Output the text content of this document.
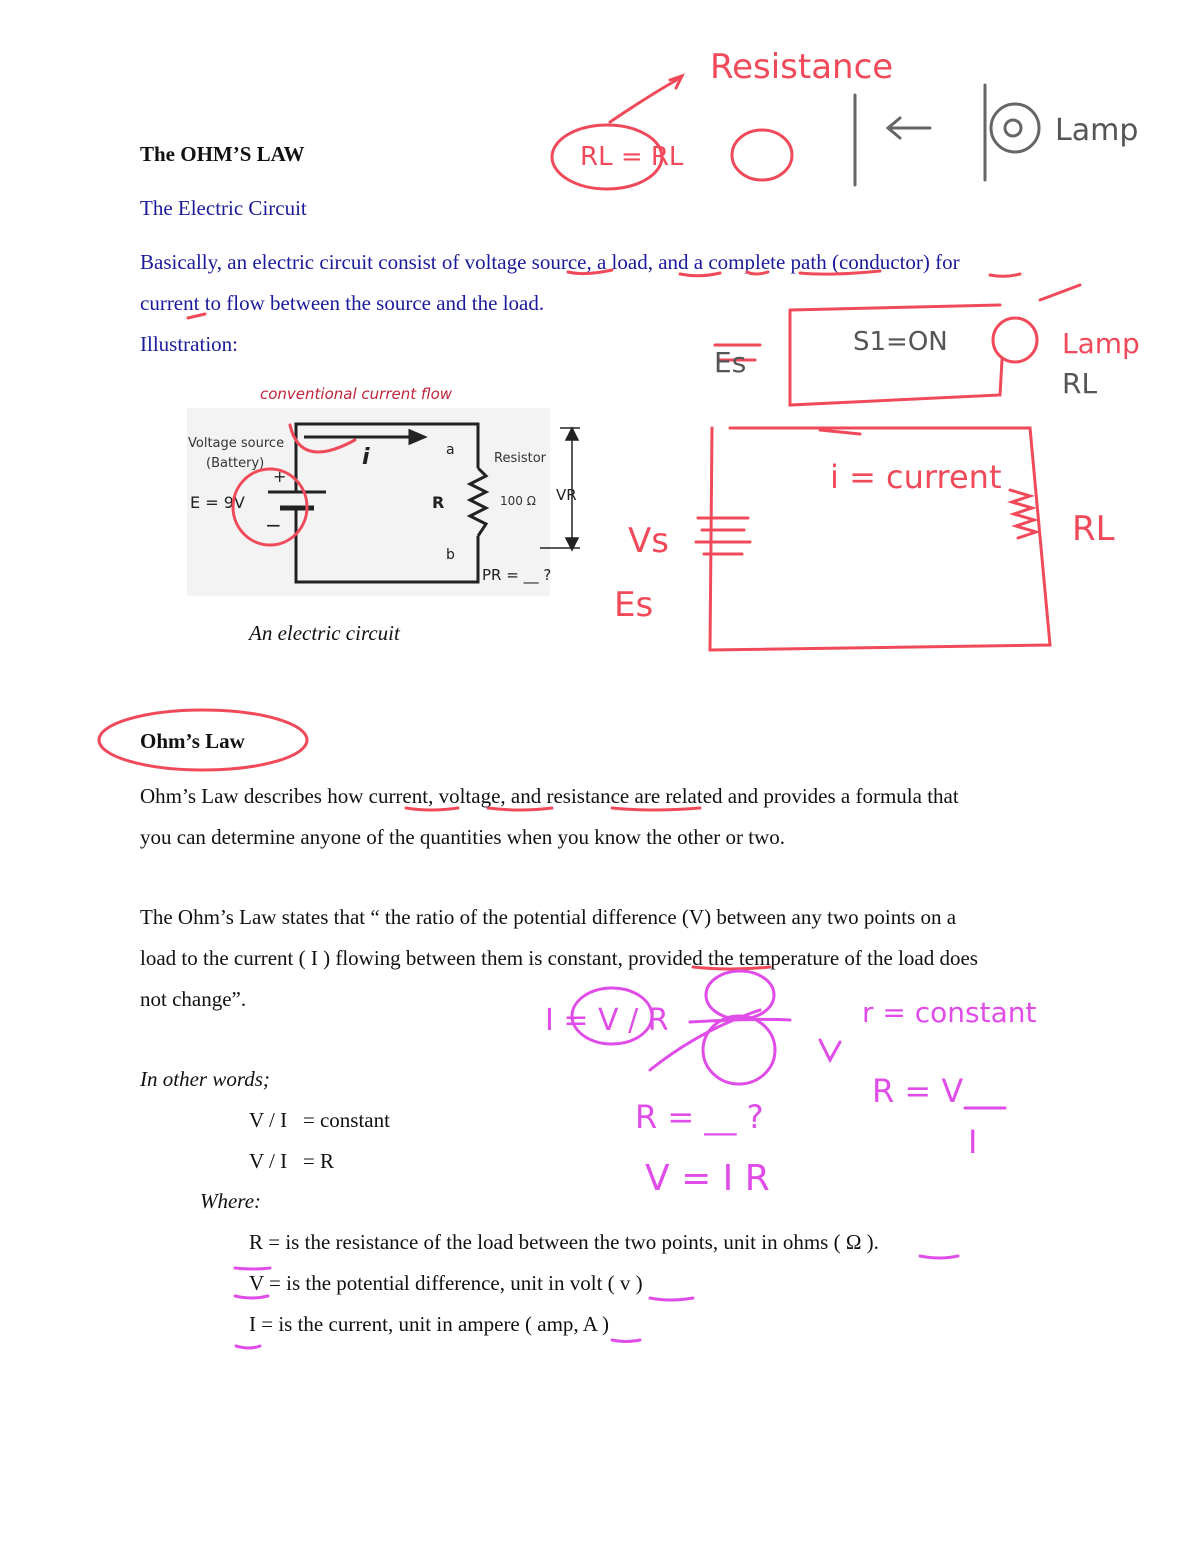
The OHM’S LAW
The Electric Circuit
Basically, an electric circuit consist of voltage source, a load, and a complete path (conductor) for
current to flow between the source and the load.
Illustration:
conventional current flow
Voltage source
(Battery)
+
−
E = 9V
i	a
b
R
Resistor
100 Ω VR
PR = __ ?
An electric circuit
Ohm’s Law
Ohm’s Law describes how current, voltage, and resistance are related and provides a formula that
you can determine anyone of the quantities when you know the other or two.
The Ohm’s Law states that “ the ratio of the potential difference (V) between any two points on a
load to the current ( I ) flowing between them is constant, provided the temperature of the load does
not change”.
In other words;
V / I   = constant
V / I   = R
Where:
R = is the resistance of the load between the two points, unit in ohms ( Ω ).
V = is the potential difference, unit in volt ( v )
I = is the current, unit in ampere ( amp, A )
Resistance
RL = RL
Lamp
S1=ON	Lamp
RL
Es
i = current
RL
Vs
Es
I = V / R	r = constant
R = __ ?
R = V
I
V = I R
